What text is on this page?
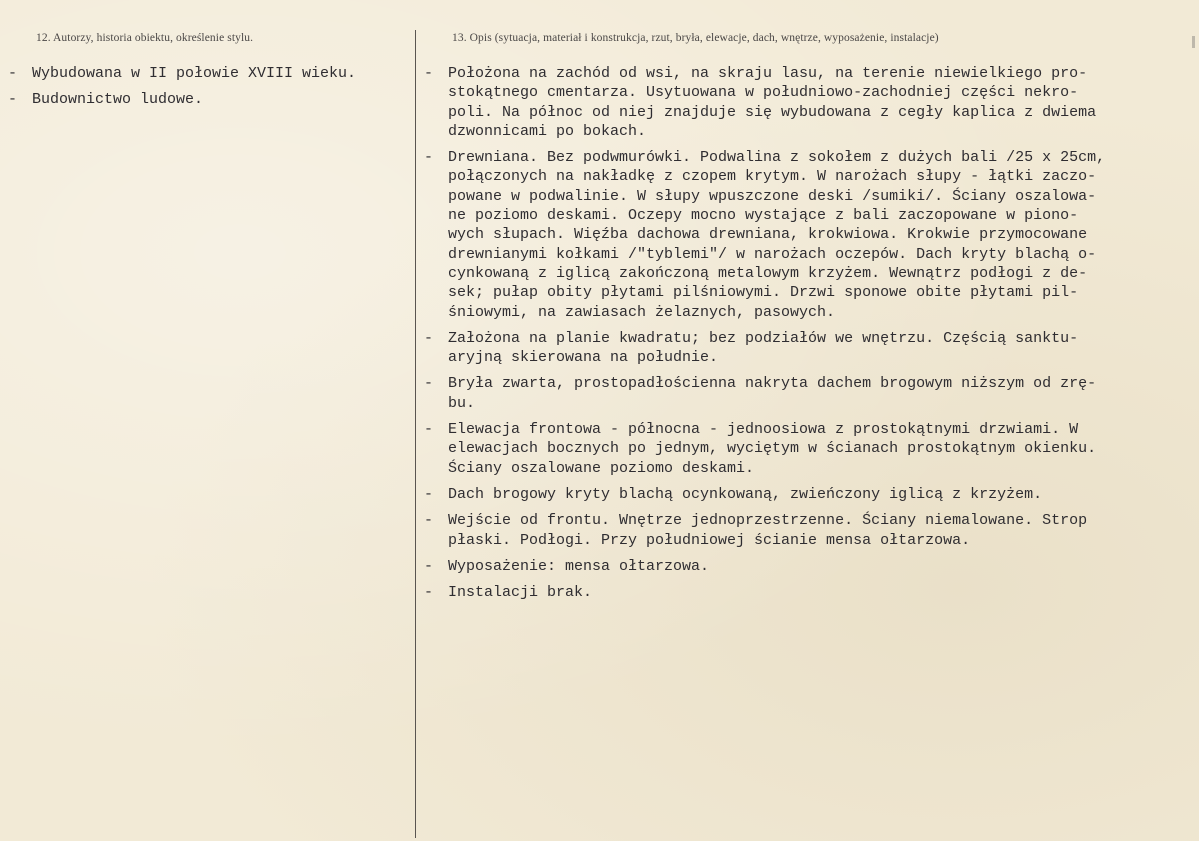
12. Autorzy, historia obiektu, określenie stylu.	13. Opis (sytuacja, materiał i konstrukcja, rzut, bryła, elewacje, dach, wnętrze, wyposażenie, instalacje)
- Wybudowana w II połowie XVIII wieku.
- Budownictwo ludowe.
- Położona na zachód od wsi, na skraju lasu, na terenie niewielkiego pro-
stokątnego cmentarza. Usytuowana w południowo-zachodniej części nekro-
poli. Na północ od niej znajduje się wybudowana z cegły kaplica z dwiema
dzwonnicami po bokach.
- Drewniana. Bez podwmurówki. Podwalina z sokołem z dużych bali /25 x 25cm,
połączonych na nakładkę z czopem krytym. W narożach słupy - łątki zaczo-
powane w podwalinie. W słupy wpuszczone deski /sumiki/. Ściany oszalowa-
ne poziomo deskami. Oczepy mocno wystające z bali zaczopowane w piono-
wych słupach. Więźba dachowa drewniana, krokwiowa. Krokwie przymocowane
drewnianymi kołkami /"tyblemi"/ w narożach oczepów. Dach kryty blachą o-
cynkowaną z iglicą zakończoną metalowym krzyżem. Wewnątrz podłogi z de-
sek; pułap obity płytami pilśniowymi. Drzwi sponowe obite płytami pil-
śniowymi, na zawiasach żelaznych, pasowych.
- Założona na planie kwadratu; bez podziałów we wnętrzu. Częścią sanktu-
aryjną skierowana na południe.
- Bryła zwarta, prostopadłościenna nakryta dachem brogowym niższym od zrę-
bu.
- Elewacja frontowa - północna - jednoosiowa z prostokątnymi drzwiami. W
elewacjach bocznych po jednym, wyciętym w ścianach prostokątnym okienku.
Ściany oszalowane poziomo deskami.
- Dach brogowy kryty blachą ocynkowaną, zwieńczony iglicą z krzyżem.
- Wejście od frontu. Wnętrze jednoprzestrzenne. Ściany niemalowane. Strop
płaski. Podłogi. Przy południowej ścianie mensa ołtarzowa.
- Wyposażenie: mensa ołtarzowa.
- Instalacji brak.
